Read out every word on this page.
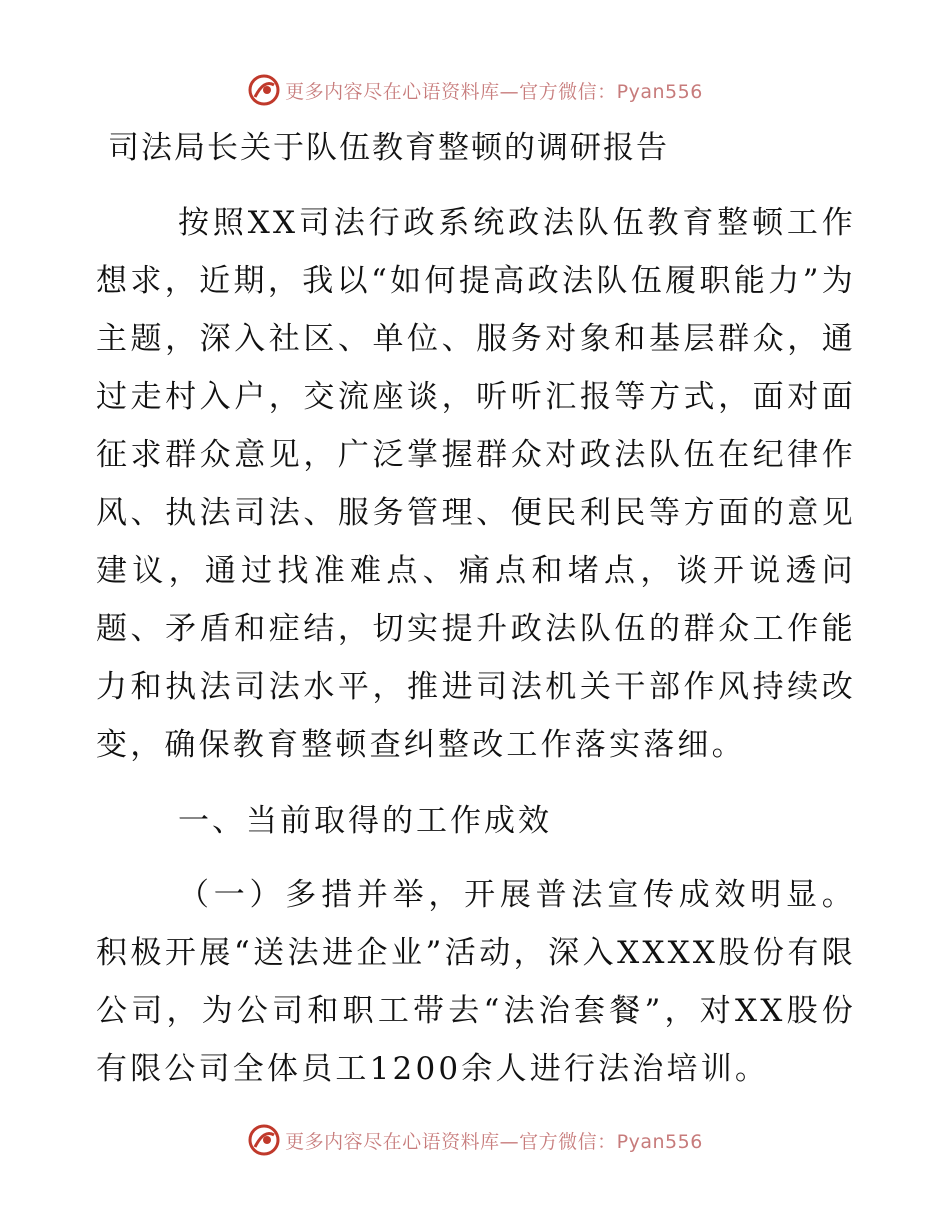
更多内容尽在心语资料库—官方微信：Pyan556
司法局长关于队伍教育整顿的调研报告
按照XX司法行政系统政法队伍教育整顿工作想求，近期，我以“如何提高政法队伍履职能力”为主题，深入社区、单位、服务对象和基层群众，通过走村入户，交流座谈，听听汇报等方式，面对面征求群众意见，广泛掌握群众对政法队伍在纪律作风、执法司法、服务管理、便民利民等方面的意见建议，通过找准难点、痛点和堵点，谈开说透问题、矛盾和症结，切实提升政法队伍的群众工作能力和执法司法水平，推进司法机关干部作风持续改变，确保教育整顿查纠整改工作落实落细。
一、当前取得的工作成效
（一）多措并举，开展普法宣传成效明显。积极开展“送法进企业”活动，深入XXXX股份有限公司，为公司和职工带去“法治套餐”，对XX股份有限公司全体员工1200余人进行法治培训。
更多内容尽在心语资料库—官方微信：Pyan556
